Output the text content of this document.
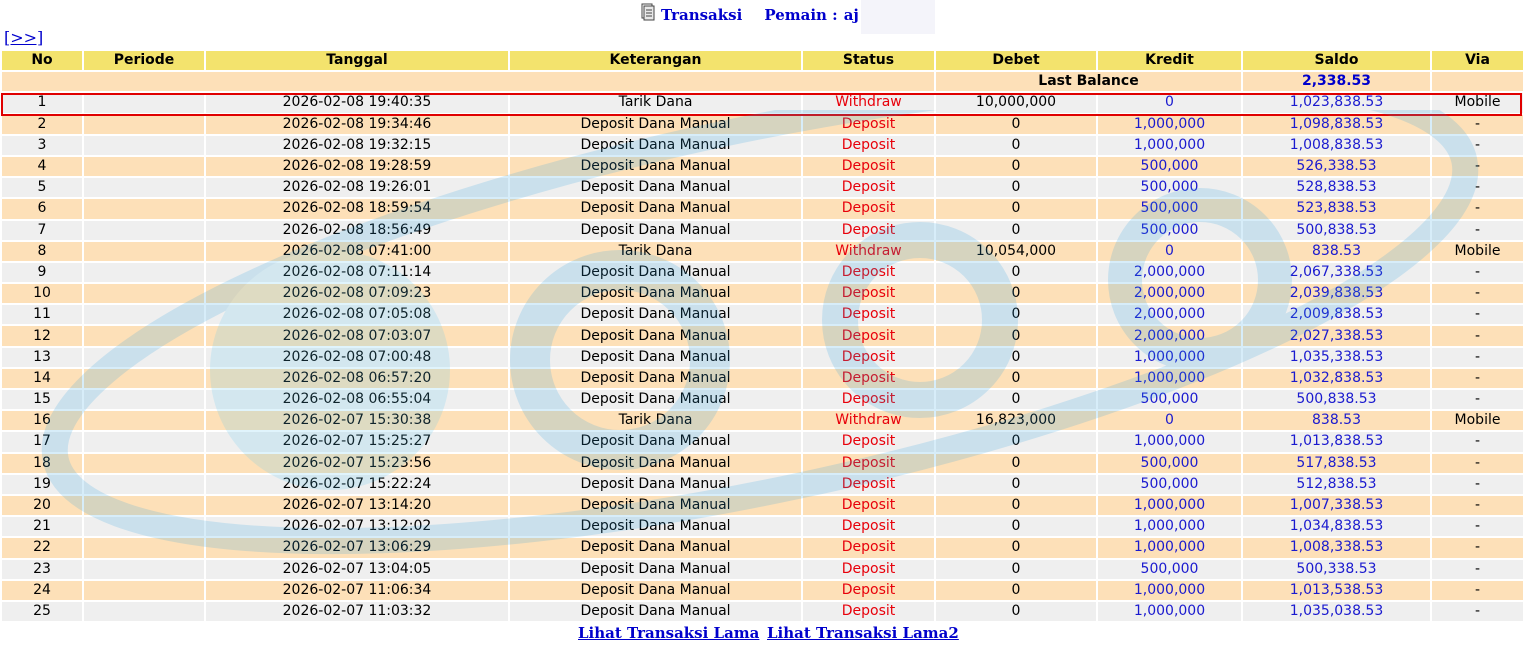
Transaksi Pemain : aj
[>>]
No	Periode	Tanggal	Keterangan	Status	Debet	Kredit	Saldo	Via
					Last Balance		2,338.53	
1		2026-02-08 19:40:35	Tarik Dana	Withdraw	10,000,000	0	1,023,838.53	Mobile
2		2026-02-08 19:34:46	Deposit Dana Manual	Deposit	0	1,000,000	1,098,838.53	-
3		2026-02-08 19:32:15	Deposit Dana Manual	Deposit	0	1,000,000	1,008,838.53	-
4		2026-02-08 19:28:59	Deposit Dana Manual	Deposit	0	500,000	526,338.53	-
5		2026-02-08 19:26:01	Deposit Dana Manual	Deposit	0	500,000	528,838.53	-
6		2026-02-08 18:59:54	Deposit Dana Manual	Deposit	0	500,000	523,838.53	-
7		2026-02-08 18:56:49	Deposit Dana Manual	Deposit	0	500,000	500,838.53	-
8		2026-02-08 07:41:00	Tarik Dana	Withdraw	10,054,000	0	838.53	Mobile
9		2026-02-08 07:11:14	Deposit Dana Manual	Deposit	0	2,000,000	2,067,338.53	-
10		2026-02-08 07:09:23	Deposit Dana Manual	Deposit	0	2,000,000	2,039,838.53	-
11		2026-02-08 07:05:08	Deposit Dana Manual	Deposit	0	2,000,000	2,009,838.53	-
12		2026-02-08 07:03:07	Deposit Dana Manual	Deposit	0	2,000,000	2,027,338.53	-
13		2026-02-08 07:00:48	Deposit Dana Manual	Deposit	0	1,000,000	1,035,338.53	-
14		2026-02-08 06:57:20	Deposit Dana Manual	Deposit	0	1,000,000	1,032,838.53	-
15		2026-02-08 06:55:04	Deposit Dana Manual	Deposit	0	500,000	500,838.53	-
16		2026-02-07 15:30:38	Tarik Dana	Withdraw	16,823,000	0	838.53	Mobile
17		2026-02-07 15:25:27	Deposit Dana Manual	Deposit	0	1,000,000	1,013,838.53	-
18		2026-02-07 15:23:56	Deposit Dana Manual	Deposit	0	500,000	517,838.53	-
19		2026-02-07 15:22:24	Deposit Dana Manual	Deposit	0	500,000	512,838.53	-
20		2026-02-07 13:14:20	Deposit Dana Manual	Deposit	0	1,000,000	1,007,338.53	-
21		2026-02-07 13:12:02	Deposit Dana Manual	Deposit	0	1,000,000	1,034,838.53	-
22		2026-02-07 13:06:29	Deposit Dana Manual	Deposit	0	1,000,000	1,008,338.53	-
23		2026-02-07 13:04:05	Deposit Dana Manual	Deposit	0	500,000	500,338.53	-
24		2026-02-07 11:06:34	Deposit Dana Manual	Deposit	0	1,000,000	1,013,538.53	-
25		2026-02-07 11:03:32	Deposit Dana Manual	Deposit	0	1,000,000	1,035,038.53	-
Lihat Transaksi Lama Lihat Transaksi Lama2
